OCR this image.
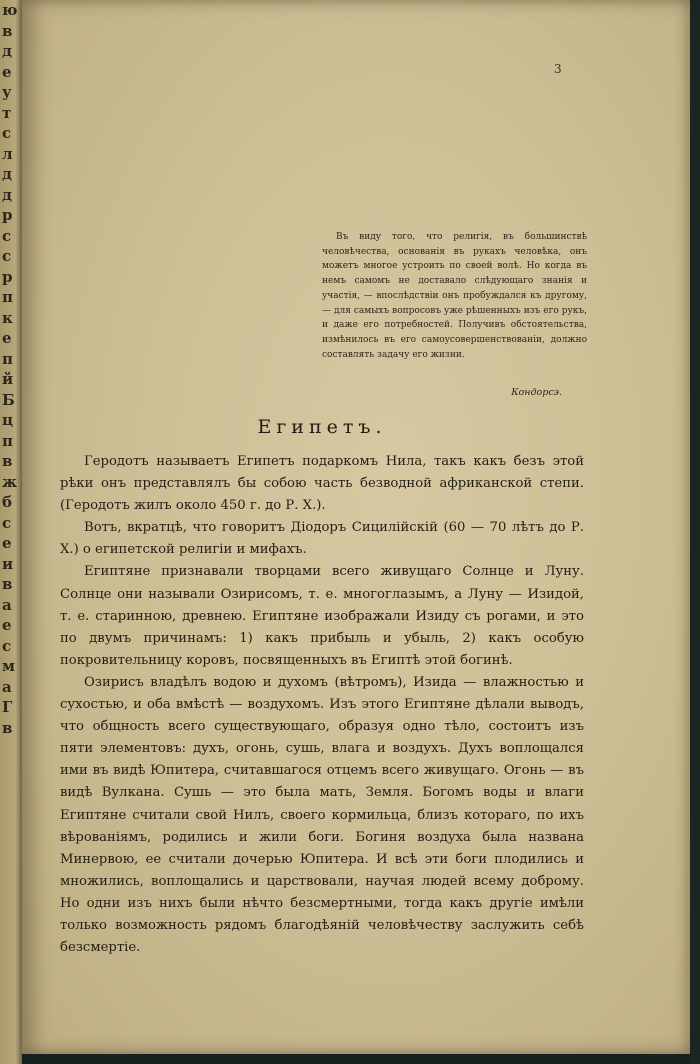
ю
в
д
е
у
т
с
л
д
д
р
с
с
р
п
к
е
п
й
Б
ц
п
в
ж
б
с
е
и
в
а
е
с
м
а
Г
в
3
Въ виду того, что религія, въ большинствѣ человѣчества, основанія въ рукахъ человѣка, онъ можетъ многое устроить по своей волѣ. Но когда въ немъ самомъ не доставало слѣдующаго знанія и участія, — впослѣдствіи онъ пробуждался къ другому, — для самыхъ вопросовъ уже рѣшенныхъ изъ его рукъ, и даже его потребностей. Получивъ обстоятельства, измѣнилось въ его самоусовершенствованіи, должно составлять задачу его жизни.
Кондорсэ.
Египетъ.

Геродотъ называетъ Египетъ подаркомъ Нила, такъ какъ безъ этой рѣки онъ представлялъ бы собою часть безводной африканской степи. (Геродотъ жилъ около 450 г. до Р. Х.).

Вотъ, вкратцѣ, что говоритъ Діодоръ Сицилійскій (60 — 70 лѣтъ до Р. Х.) о египетской религіи и мифахъ.

Египтяне признавали творцами всего живущаго Солнце и Луну. Солнце они называли Озирисомъ, т. е. многоглазымъ, а Луну — Изидой, т. е. старинною, древнею. Египтяне изображали Изиду съ рогами, и это по двумъ причинамъ: 1) какъ прибыль и убыль, 2) какъ особую покровительницу коровъ, посвященныхъ въ Египтѣ этой богинѣ.

Озирисъ владѣлъ водою и духомъ (вѣтромъ), Изида — влажностью и сухостью, и оба вмѣстѣ — воздухомъ. Изъ этого Египтяне дѣлали выводъ, что общность всего существующаго, образуя одно тѣло, состоитъ изъ пяти элементовъ: духъ, огонь, сушь, влага и воздухъ. Духъ воплощался ими въ видѣ Юпитера, считавшагося отцемъ всего живущаго. Огонь — въ видѣ Вулкана. Сушь — это была мать, Земля. Богомъ воды и влаги Египтяне считали свой Нилъ, своего кормильца, близъ котораго, по ихъ вѣрованіямъ, родились и жили боги. Богиня воздуха была названа Минервою, ее считали дочерью Юпитера. И всѣ эти боги плодились и множились, воплощались и царствовали, научая людей всему доброму. Но одни изъ нихъ были нѣчто безсмертными, тогда какъ другіе имѣли только возможность рядомъ благодѣяній человѣчеству заслужить себѣ безсмертіе.
